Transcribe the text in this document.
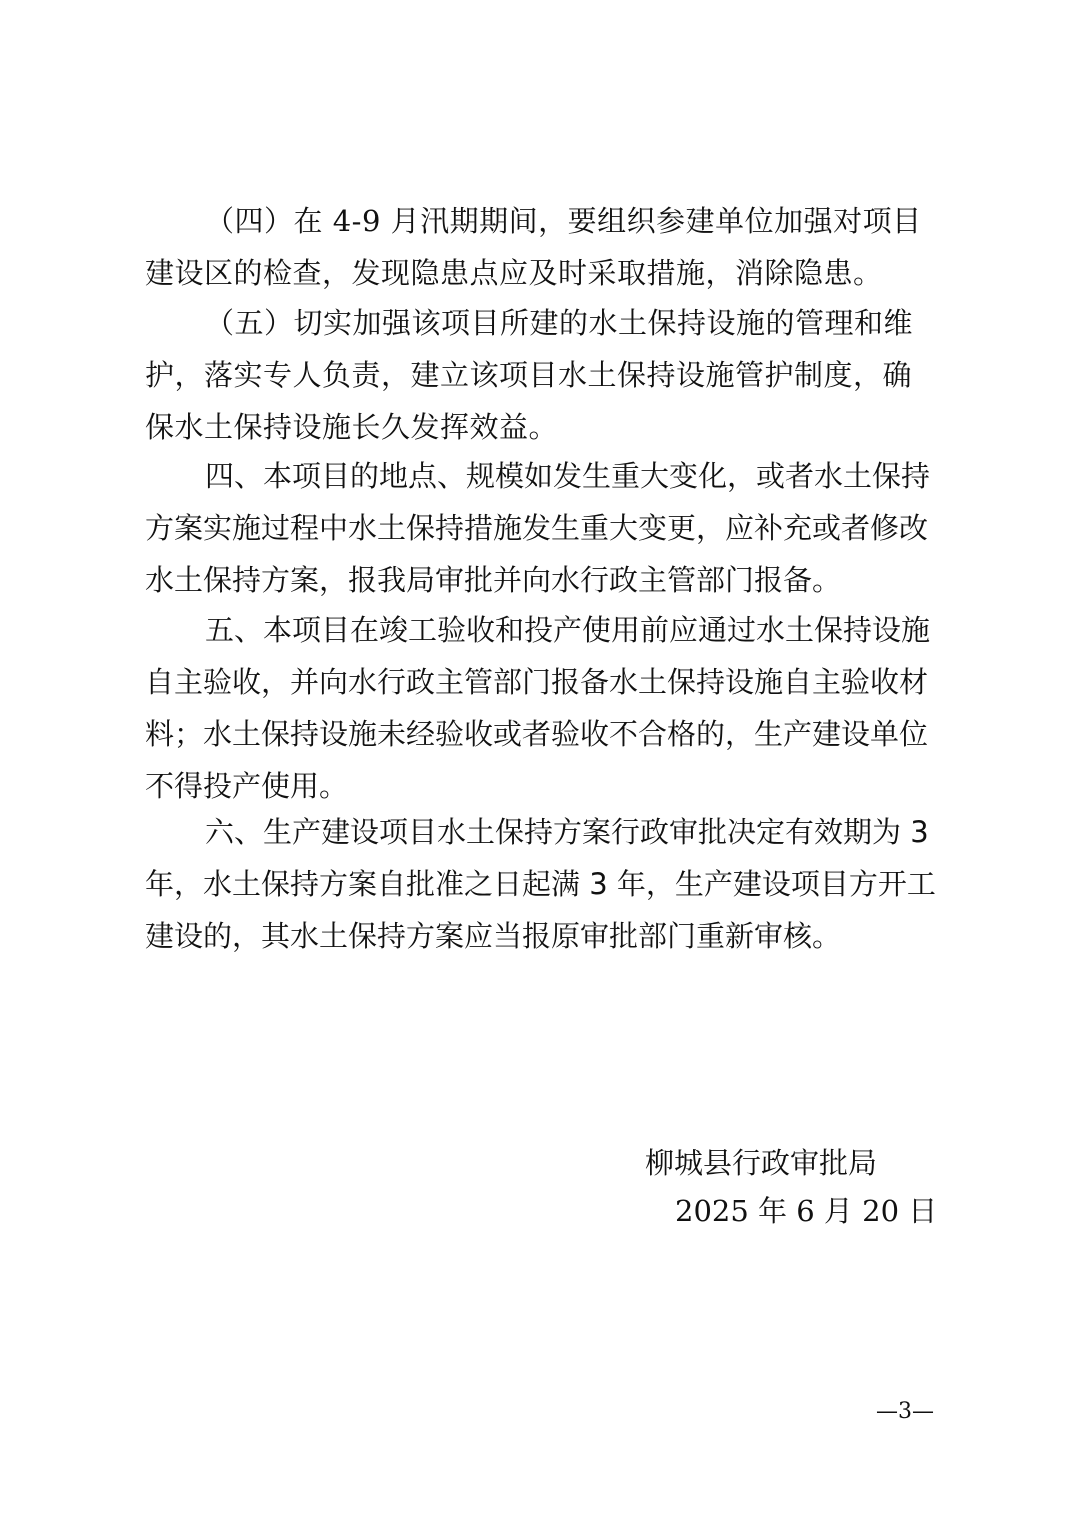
（四）在 4-9 月汛期期间，要组织参建单位加强对项目建设区的检查，发现隐患点应及时采取措施，消除隐患。

（五）切实加强该项目所建的水土保持设施的管理和维护，落实专人负责，建立该项目水土保持设施管护制度，确保水土保持设施长久发挥效益。

四、本项目的地点、规模如发生重大变化，或者水土保持方案实施过程中水土保持措施发生重大变更，应补充或者修改水土保持方案，报我局审批并向水行政主管部门报备。

五、本项目在竣工验收和投产使用前应通过水土保持设施自主验收，并向水行政主管部门报备水土保持设施自主验收材料；水土保持设施未经验收或者验收不合格的，生产建设单位不得投产使用。

六、生产建设项目水土保持方案行政审批决定有效期为 3 年，水土保持方案自批准之日起满 3 年，生产建设项目方开工建设的，其水土保持方案应当报原审批部门重新审核。

柳城县行政审批局

2025 年 6 月 20 日

—3—
